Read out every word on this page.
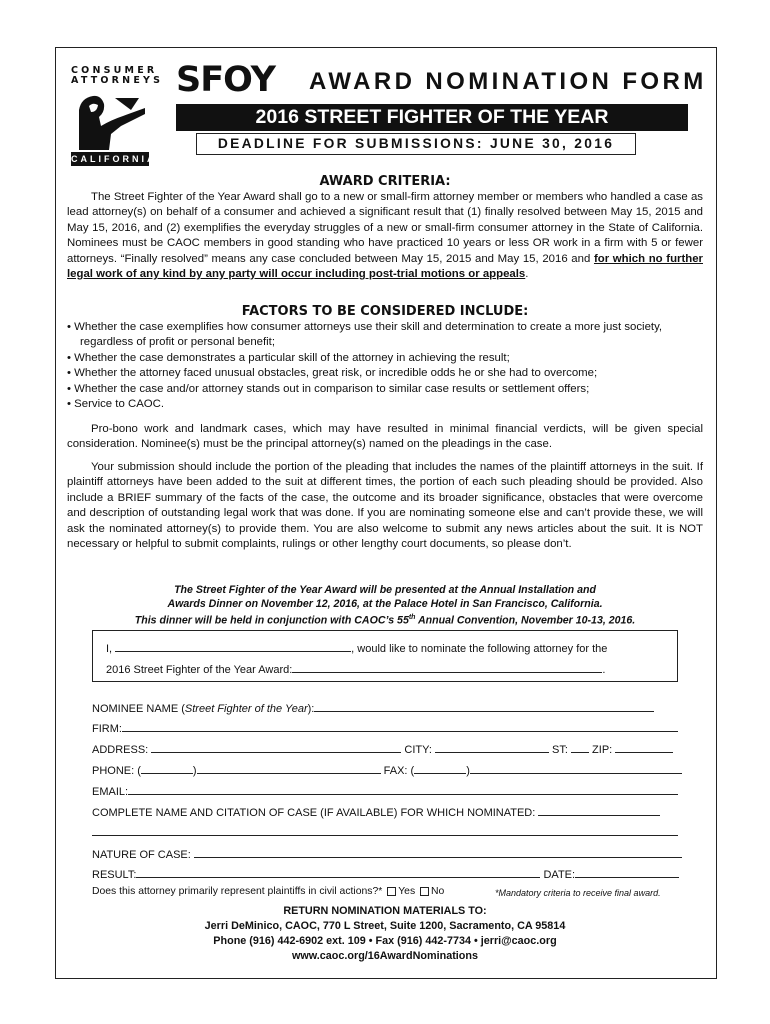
CONSUMER
ATTORNEYS
CALIFORNIA
SFOY AWARD NOMINATION FORM
2016 STREET FIGHTER OF THE YEAR
DEADLINE FOR SUBMISSIONS: JUNE 30, 2016
AWARD CRITERIA:
The Street Fighter of the Year Award shall go to a new or small-firm attorney member or members who handled a case as lead attorney(s) on behalf of a consumer and achieved a significant result that (1) finally resolved between May 15, 2015 and May 15, 2016, and (2) exemplifies the everyday struggles of a new or small-firm consumer attorney in the State of California. Nominees must be CAOC members in good standing who have practiced 10 years or less OR work in a firm with 5 or fewer attorneys. “Finally resolved” means any case concluded between May 15, 2015 and May 15, 2016 and for which no further legal work of any kind by any party will occur including post-trial motions or appeals.
FACTORS TO BE CONSIDERED INCLUDE:
• Whether the case exemplifies how consumer attorneys use their skill and determination to create a more just society, regardless of profit or personal benefit;
• Whether the case demonstrates a particular skill of the attorney in achieving the result;
• Whether the attorney faced unusual obstacles, great risk, or incredible odds he or she had to overcome;
• Whether the case and/or attorney stands out in comparison to similar case results or settlement offers;
• Service to CAOC.
Pro-bono work and landmark cases, which may have resulted in minimal financial verdicts, will be given special consideration. Nominee(s) must be the principal attorney(s) named on the pleadings in the case.
Your submission should include the portion of the pleading that includes the names of the plaintiff attorneys in the suit. If plaintiff attorneys have been added to the suit at different times, the portion of each such pleading should be provided. Also include a BRIEF summary of the facts of the case, the outcome and its broader significance, obstacles that were overcome and description of outstanding legal work that was done. If you are nominating someone else and can’t provide these, we will ask the nominated attorney(s) to provide them. You are also welcome to submit any news articles about the suit. It is NOT necessary or helpful to submit complaints, rulings or other lengthy court documents, so please don’t.
The Street Fighter of the Year Award will be presented at the Annual Installation and
Awards Dinner on November 12, 2016, at the Palace Hotel in San Francisco, California.
This dinner will be held in conjunction with CAOC’s 55th Annual Convention, November 10-13, 2016.
I,	, would like to nominate the following attorney for the
2016 Street Fighter of the Year Award:	.
NOMINEE NAME (Street Fighter of the Year):
FIRM:
ADDRESS:	CITY:	ST: ZIP:
PHONE: (	)	FAX: (	)
EMAIL:
COMPLETE NAME AND CITATION OF CASE (IF AVAILABLE) FOR WHICH NOMINATED:
NATURE OF CASE:
RESULT:	DATE:
Does this attorney primarily represent plaintiffs in civil actions?* Yes No	*Mandatory criteria to receive final award.
RETURN NOMINATION MATERIALS TO:
Jerri DeMinico, CAOC, 770 L Street, Suite 1200, Sacramento, CA 95814
Phone (916) 442-6902 ext. 109 • Fax (916) 442-7734 • jerri@caoc.org
www.caoc.org/16AwardNominations
